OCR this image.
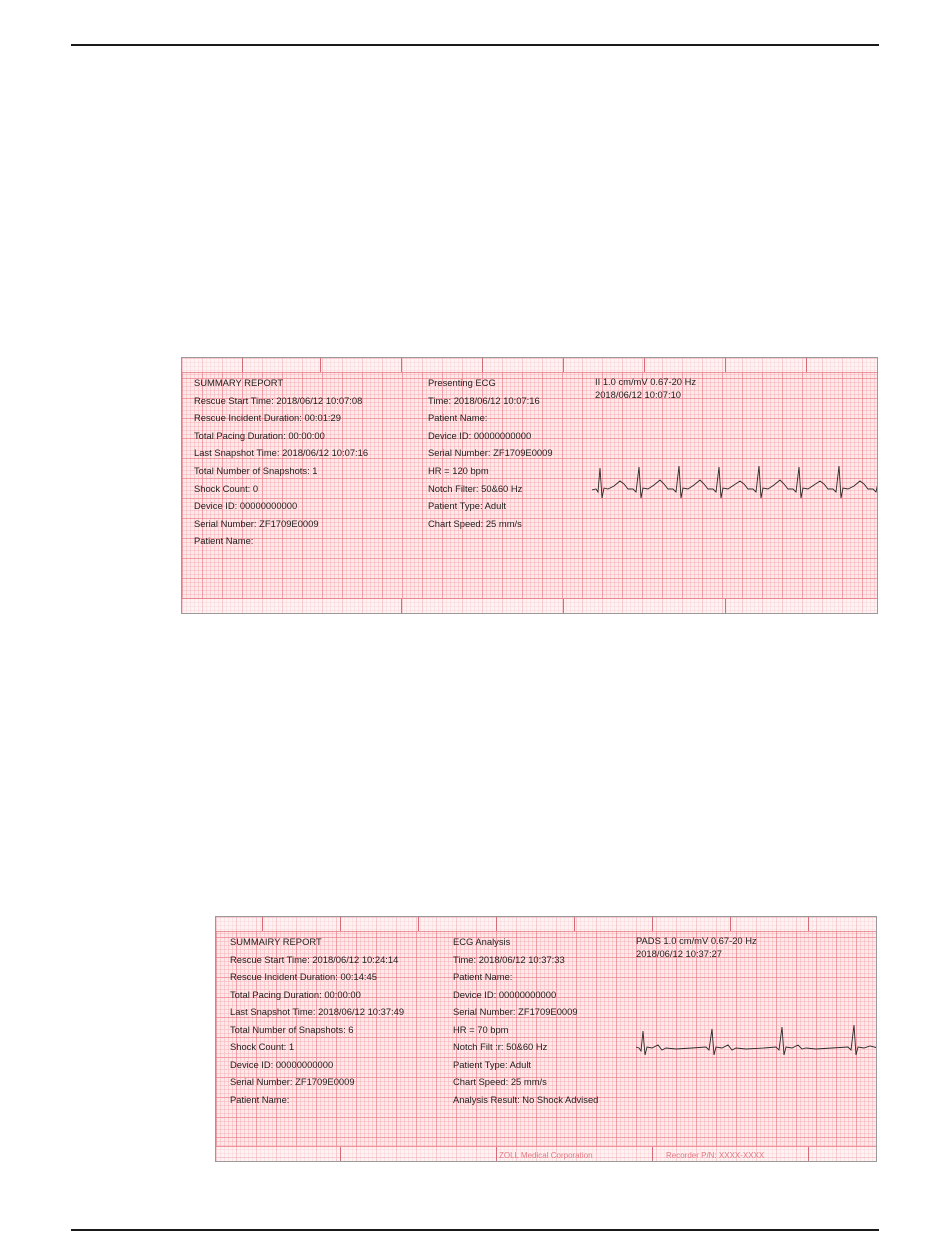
SUMMARY REPORT
Rescue Start Time: 2018/06/12 10:07:08
Rescue Incident Duration: 00:01:29
Total Pacing Duration: 00:00:00
Last Snapshot Time: 2018/06/12 10:07:16
Total Number of Snapshots: 1
Shock Count: 0
Device ID: 00000000000
Serial Number: ZF1709E0009
Patient Name:
Presenting ECG
Time: 2018/06/12 10:07:16
Patient Name:
Device ID: 00000000000
Serial Number: ZF1709E0009
HR = 120 bpm
Notch Filter: 50&60 Hz
Patient Type: Adult
Chart Speed: 25 mm/s
II 1.0 cm/mV 0.67-20 Hz
2018/06/12 10:07:10
SUMMAIRY REPORT
Rescue Start Time: 2018/06/12 10:24:14
Rescue Incident Duration: 00:14:45
Total Pacing Duration: 00:00:00
Last Snapshot Time: 2018/06/12 10:37:49
Total Number of Snapshots: 6
Shock Count: 1
Device ID: 00000000000
Serial Number: ZF1709E0009
Patient Name:
ECG Analysis
Time: 2018/06/12 10:37:33
Patient Name:
Device ID: 00000000000
Serial Number: ZF1709E0009
HR = 70 bpm
Notch Filt :r: 50&60 Hz
Patient Type: Adult
Chart Speed: 25 mm/s
Analysis Result: No Shock Advised
PADS 1.0 cm/mV 0.67-20 Hz
2018/06/12 10:37:27
ZOLL Medical Corporation	Recorder P/N: XXXX-XXXX
